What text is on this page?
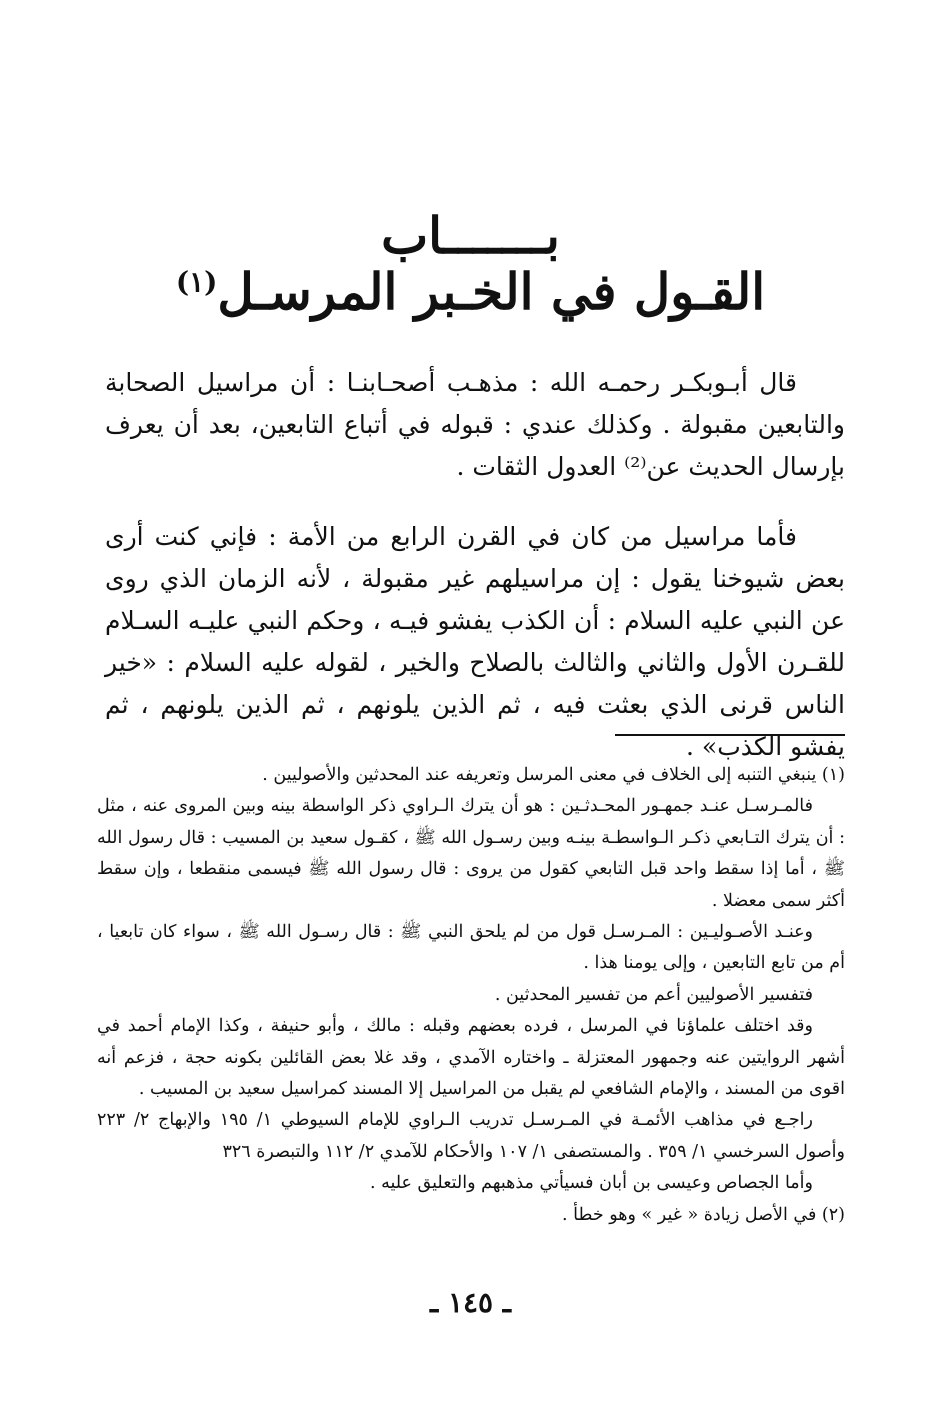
بـــــــاب
القـول في الخـبر المرسـل$^{(١)}$
قال أبـوبكـر رحمـه الله : مذهـب أصحـابنـا : أن مراسيل الصحابة والتابعين مقبولة . وكذلك عندي : قبوله في أتباع التابعين، بعد أن يعرف بإرسال الحديث عن⁽²⁾ العدول الثقات .
فأما مراسيل من كان في القرن الرابع من الأمة : فإني كنت أرى بعض شيوخنا يقول : إن مراسيلهم غير مقبولة ، لأنه الزمان الذي روى عن النبي عليه السلام : أن الكذب يفشو فيـه ، وحكم النبي عليـه السـلام للقـرن الأول والثاني والثالث بالصلاح والخير ، لقوله عليه السلام : «خير الناس قرنى الذي بعثت فيه ، ثم الذين يلونهم ، ثم الذين يلونهم ، ثم يفشو الكذب» .

(١) ينبغي التنبه إلى الخلاف في معنى المرسل وتعريفه عند المحدثين والأصوليين .

فالمـرسـل عنـد جمهـور المحـدثـين : هو أن يترك الـراوي ذكر الواسطة بينه وبين المروى عنه ، مثل : أن يترك التـابعي ذكـر الـواسطـة بينـه وبين رسـول الله ﷺ ، كقـول سعيد بن المسيب : قال رسول الله ﷺ ، أما إذا سقط واحد قبل التابعي كقول من يروى : قال رسول الله ﷺ فيسمى منقطعا ، وإن سقط أكثر سمى معضلا .

وعنـد الأصـوليـين : المـرسـل قول من لم يلحق النبي ﷺ : قال رسـول الله ﷺ ، سواء كان تابعيا ، أم من تابع التابعين ، وإلى يومنا هذا .

فتفسير الأصوليين أعم من تفسير المحدثين .

وقد اختلف علماؤنا في المرسل ، فرده بعضهم وقبله : مالك ، وأبو حنيفة ، وكذا الإمام أحمد في أشهر الروايتين عنه وجمهور المعتزلة ـ واختاره الآمدي ، وقد غلا بعض القائلين بكونه حجة ، فزعم أنه اقوى من المسند ، والإمام الشافعي لم يقبل من المراسيل إلا المسند كمراسيل سعيد بن المسيب .

راجـع في مذاهب الأئمـة في المـرسـل تدريب الـراوي للإمام السيوطي ١/ ١٩٥ والإبهاج ٢/ ٢٢٣ وأصول السرخسي ١/ ٣٥٩ . والمستصفى ١/ ١٠٧ والأحكام للآمدي ٢/ ١١٢ والتبصرة ٣٢٦

وأما الجصاص وعيسى بن أبان فسيأتي مذهبهم والتعليق عليه .

(٢) في الأصل زيادة « غير » وهو خطأ .

ـ ١٤٥ ـ
